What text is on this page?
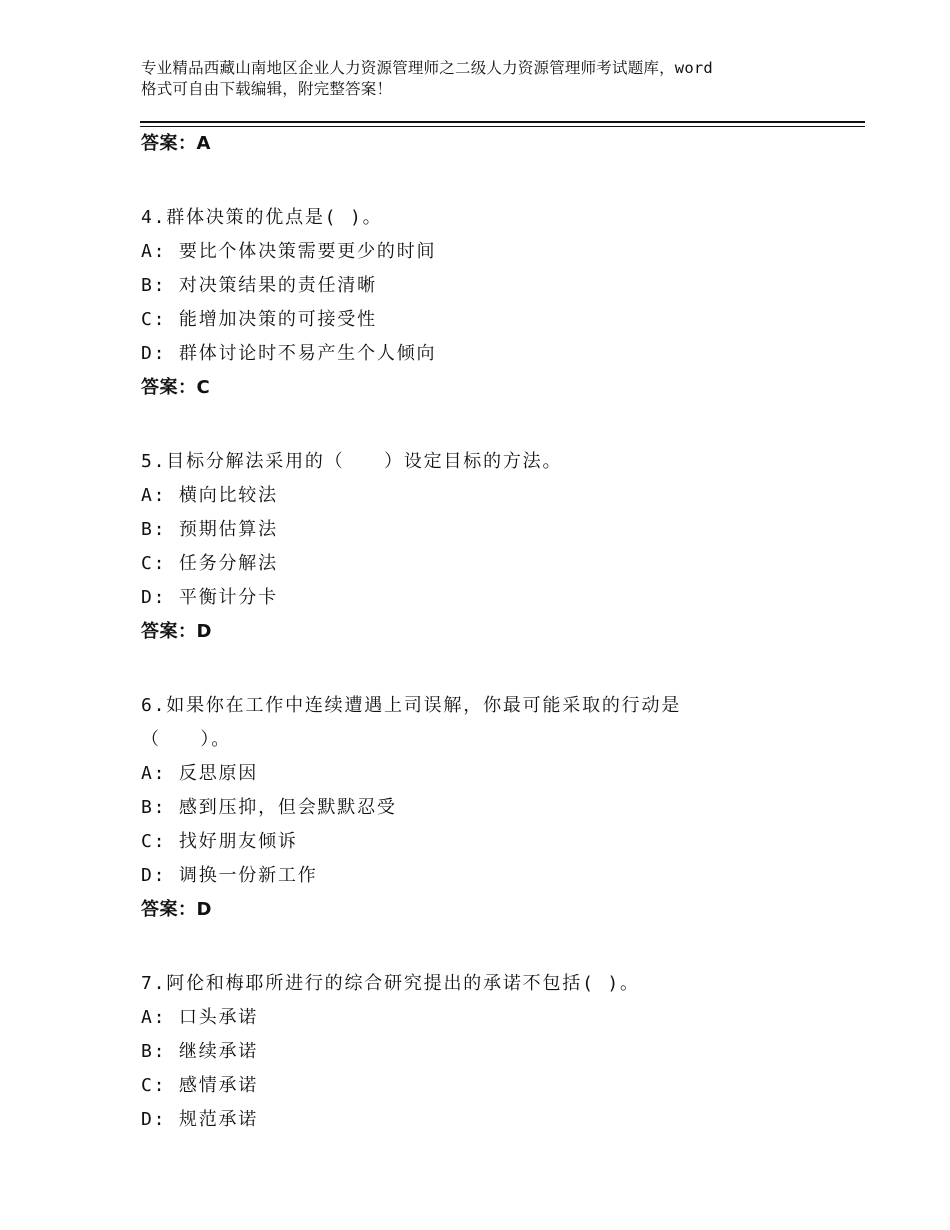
专业精品西藏山南地区企业人力资源管理师之二级人力资源管理师考试题库，word
格式可自由下载编辑，附完整答案！
答案：A
4.群体决策的优点是( )。
A: 要比个体决策需要更少的时间
B: 对决策结果的责任清晰
C: 能增加决策的可接受性
D: 群体讨论时不易产生个人倾向
答案：C
5.目标分解法采用的（　　）设定目标的方法。
A: 横向比较法
B: 预期估算法
C: 任务分解法
D: 平衡计分卡
答案：D
6.如果你在工作中连续遭遇上司误解，你最可能采取的行动是
（　　）。
A: 反思原因
B: 感到压抑，但会默默忍受
C: 找好朋友倾诉
D: 调换一份新工作
答案：D
7.阿伦和梅耶所进行的综合研究提出的承诺不包括( )。
A: 口头承诺
B: 继续承诺
C: 感情承诺
D: 规范承诺
